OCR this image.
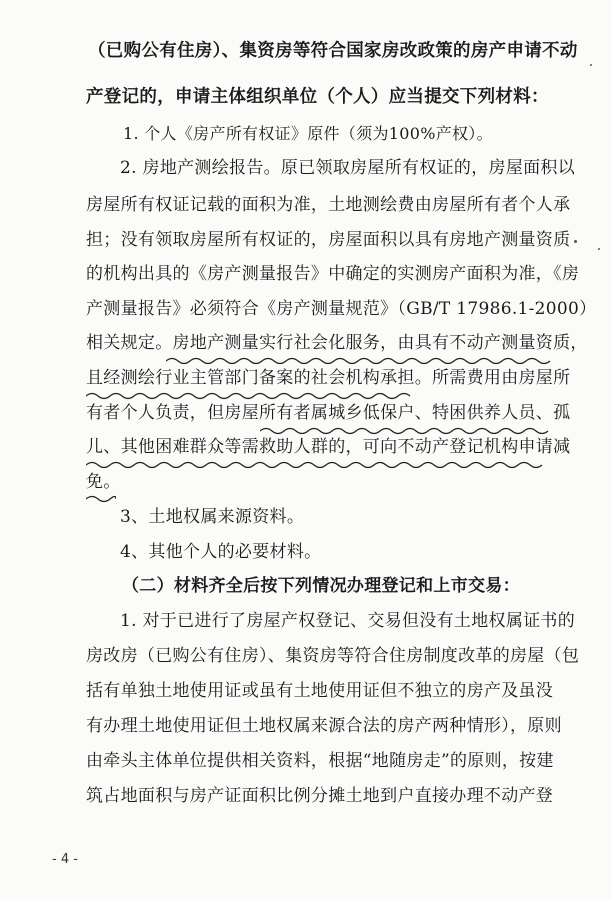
（已购公有住房）、集资房等符合国家房改政策的房产申请不动
产登记的，申请主体组织单位（个人）应当提交下列材料：
1. 个人《房产所有权证》原件（须为100%产权）。
2. 房地产测绘报告。原已领取房屋所有权证的，房屋面积以
房屋所有权证记载的面积为准，土地测绘费由房屋所有者个人承
担；没有领取房屋所有权证的，房屋面积以具有房地产测量资质
的机构出具的《房产测量报告》中确定的实测房产面积为准，《房
产测量报告》必须符合《房产测量规范》（GB/T 17986.1-2000）
相关规定。房地产测量实行社会化服务，由具有不动产测量资质，
且经测绘行业主管部门备案的社会机构承担。所需费用由房屋所
有者个人负责，但房屋所有者属城乡低保户、特困供养人员、孤
儿、其他困难群众等需救助人群的，可向不动产登记机构申请减
免。
3、土地权属来源资料。
4、其他个人的必要材料。
（二）材料齐全后按下列情况办理登记和上市交易：
1. 对于已进行了房屋产权登记、交易但没有土地权属证书的
房改房（已购公有住房）、集资房等符合住房制度改革的房屋（包
括有单独土地使用证或虽有土地使用证但不独立的房产及虽没
有办理土地使用证但土地权属来源合法的房产两种情形），原则
由牵头主体单位提供相关资料，根据“地随房走”的原则，按建
筑占地面积与房产证面积比例分摊土地到户直接办理不动产登
- 4 -
